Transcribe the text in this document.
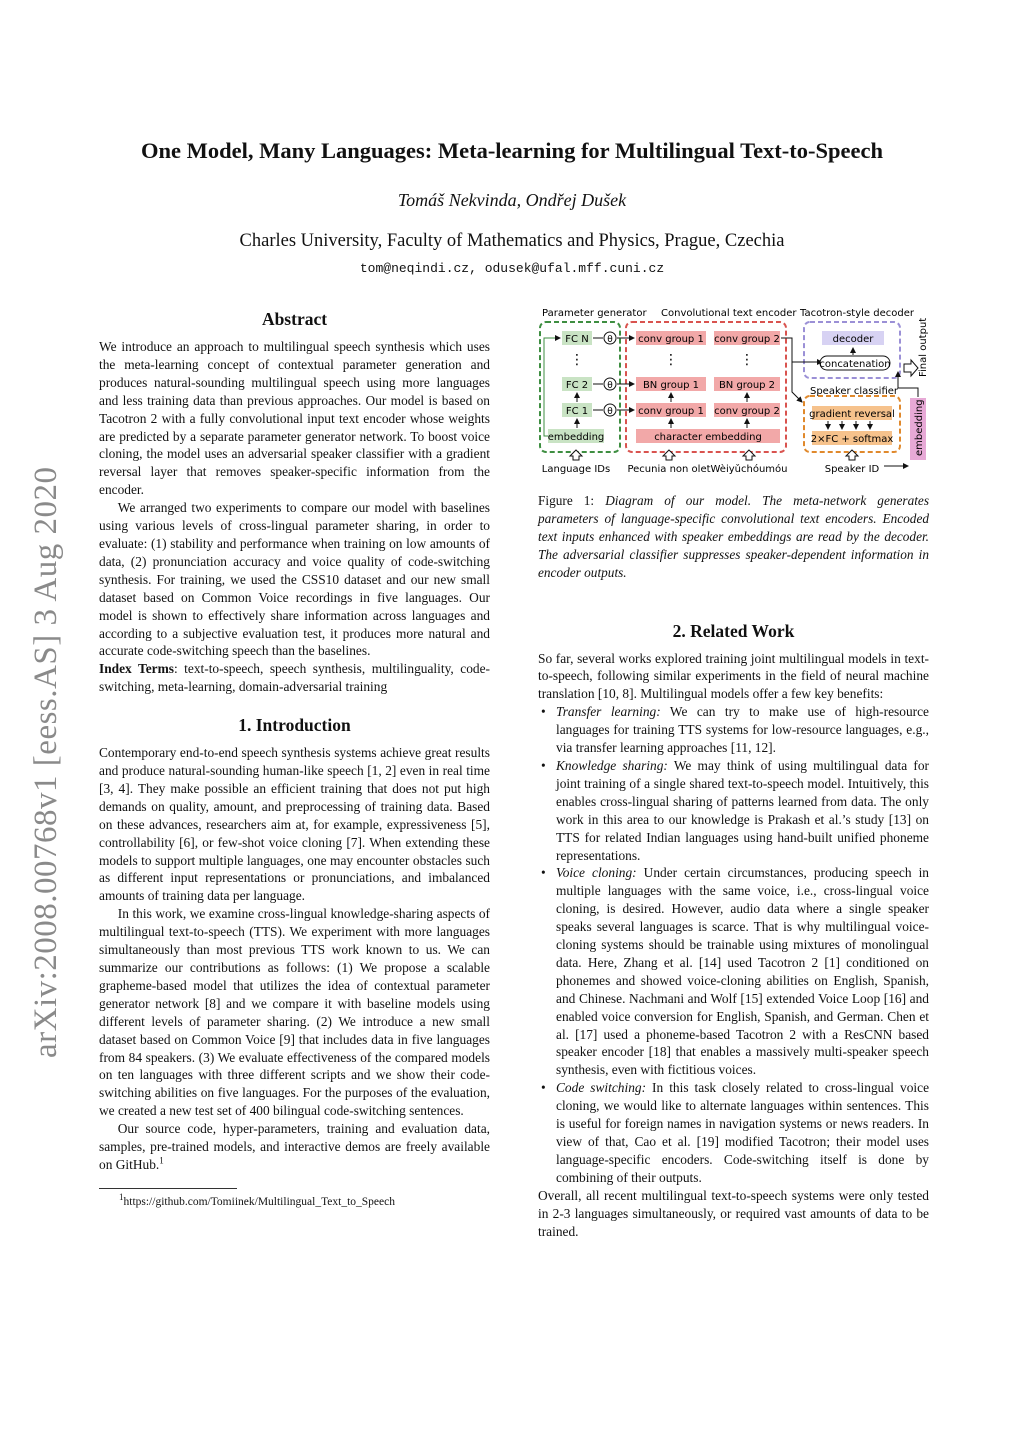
One Model, Many Languages: Meta-learning for Multilingual Text-to-Speech
Tomáš Nekvinda, Ondřej Dušek
Charles University, Faculty of Mathematics and Physics, Prague, Czechia
tom@neqindi.cz, odusek@ufal.mff.cuni.cz
arXiv:2008.00768v1 [eess.AS] 3 Aug 2020
Abstract

We introduce an approach to multilingual speech synthesis which uses the meta-learning concept of contextual parameter generation and produces natural-sounding multilingual speech using more languages and less training data than previous approaches. Our model is based on Tacotron 2 with a fully convolutional input text encoder whose weights are predicted by a separate parameter generator network. To boost voice cloning, the model uses an adversarial speaker classifier with a gradient reversal layer that removes speaker-specific information from the encoder.

We arranged two experiments to compare our model with baselines using various levels of cross-lingual parameter sharing, in order to evaluate: (1) stability and performance when training on low amounts of data, (2) pronunciation accuracy and voice quality of code-switching synthesis. For training, we used the CSS10 dataset and our new small dataset based on Common Voice recordings in five languages. Our model is shown to effectively share information across languages and according to a subjective evaluation test, it produces more natural and accurate code-switching speech than the baselines.

Index Terms: text-to-speech, speech synthesis, multilinguality, code-switching, meta-learning, domain-adversarial training

1. Introduction

Contemporary end-to-end speech synthesis systems achieve great results and produce natural-sounding human-like speech [1, 2] even in real time [3, 4]. They make possible an efficient training that does not put high demands on quality, amount, and preprocessing of training data. Based on these advances, researchers aim at, for example, expressiveness [5], controllability [6], or few-shot voice cloning [7]. When extending these models to support multiple languages, one may encounter obstacles such as different input representations or pronunciations, and imbalanced amounts of training data per language.

In this work, we examine cross-lingual knowledge-sharing aspects of multilingual text-to-speech (TTS). We experiment with more languages simultaneously than most previous TTS work known to us. We can summarize our contributions as follows: (1) We propose a scalable grapheme-based model that utilizes the idea of contextual parameter generator network [8] and we compare it with baseline models using different levels of parameter sharing. (2) We introduce a new small dataset based on Common Voice [9] that includes data in five languages from 84 speakers. (3) We evaluate effectiveness of the compared models on ten languages with three different scripts and we show their code-switching abilities on five languages. For the purposes of the evaluation, we created a new test set of 400 bilingual code-switching sentences.

Our source code, hyper-parameters, training and evaluation data, samples, pre-trained models, and interactive demos are freely available on GitHub.$^1$

$^1$https://github.com/Tomiinek/Multilingual_Text_to_Speech
Parameter generator Convolutional text encoder Tacotron-style decoder
FC N
⋮
FC 2
FC 1
embedding
θ
θ
θ
conv group 1 conv group 2
⋮	⋮
BN group 1 BN group 2
conv group 1 conv group 2
character embedding
decoder
concatenation	Final output
Speaker classifier
gradient reversal
2×FC + softmax embedding
Language IDs Pecunia non olet Wèiyǔchóumóu	Speaker ID
Figure 1: Diagram of our model. The meta-network generates parameters of language-specific convolutional text encoders. Encoded text inputs enhanced with speaker embeddings are read by the decoder. The adversarial classifier suppresses speaker-dependent information in encoder outputs.
2. Related Work

So far, several works explored training joint multilingual models in text-to-speech, following similar experiments in the field of neural machine translation [10, 8]. Multilingual models offer a few key benefits:

• Transfer learning: We can try to make use of high-resource languages for training TTS systems for low-resource languages, e.g., via transfer learning approaches [11, 12].
• Knowledge sharing: We may think of using multilingual data for joint training of a single shared text-to-speech model. Intuitively, this enables cross-lingual sharing of patterns learned from data. The only work in this area to our knowledge is Prakash et al.’s study [13] on TTS for related Indian languages using hand-built unified phoneme representations.
• Voice cloning: Under certain circumstances, producing speech in multiple languages with the same voice, i.e., cross-lingual voice cloning, is desired. However, audio data where a single speaker speaks several languages is scarce. That is why multilingual voice-cloning systems should be trainable using mixtures of monolingual data. Here, Zhang et al. [14] used Tacotron 2 [1] conditioned on phonemes and showed voice-cloning abilities on English, Spanish, and Chinese. Nachmani and Wolf [15] extended Voice Loop [16] and enabled voice conversion for English, Spanish, and German. Chen et al. [17] used a phoneme-based Tacotron 2 with a ResCNN based speaker encoder [18] that enables a massively multi-speaker speech synthesis, even with fictitious voices.
• Code switching: In this task closely related to cross-lingual voice cloning, we would like to alternate languages within sentences. This is useful for foreign names in navigation systems or news readers. In view of that, Cao et al. [19] modified Tacotron; their model uses language-specific encoders. Code-switching itself is done by combining of their outputs.

Overall, all recent multilingual text-to-speech systems were only tested in 2-3 languages simultaneously, or required vast amounts of data to be trained.
